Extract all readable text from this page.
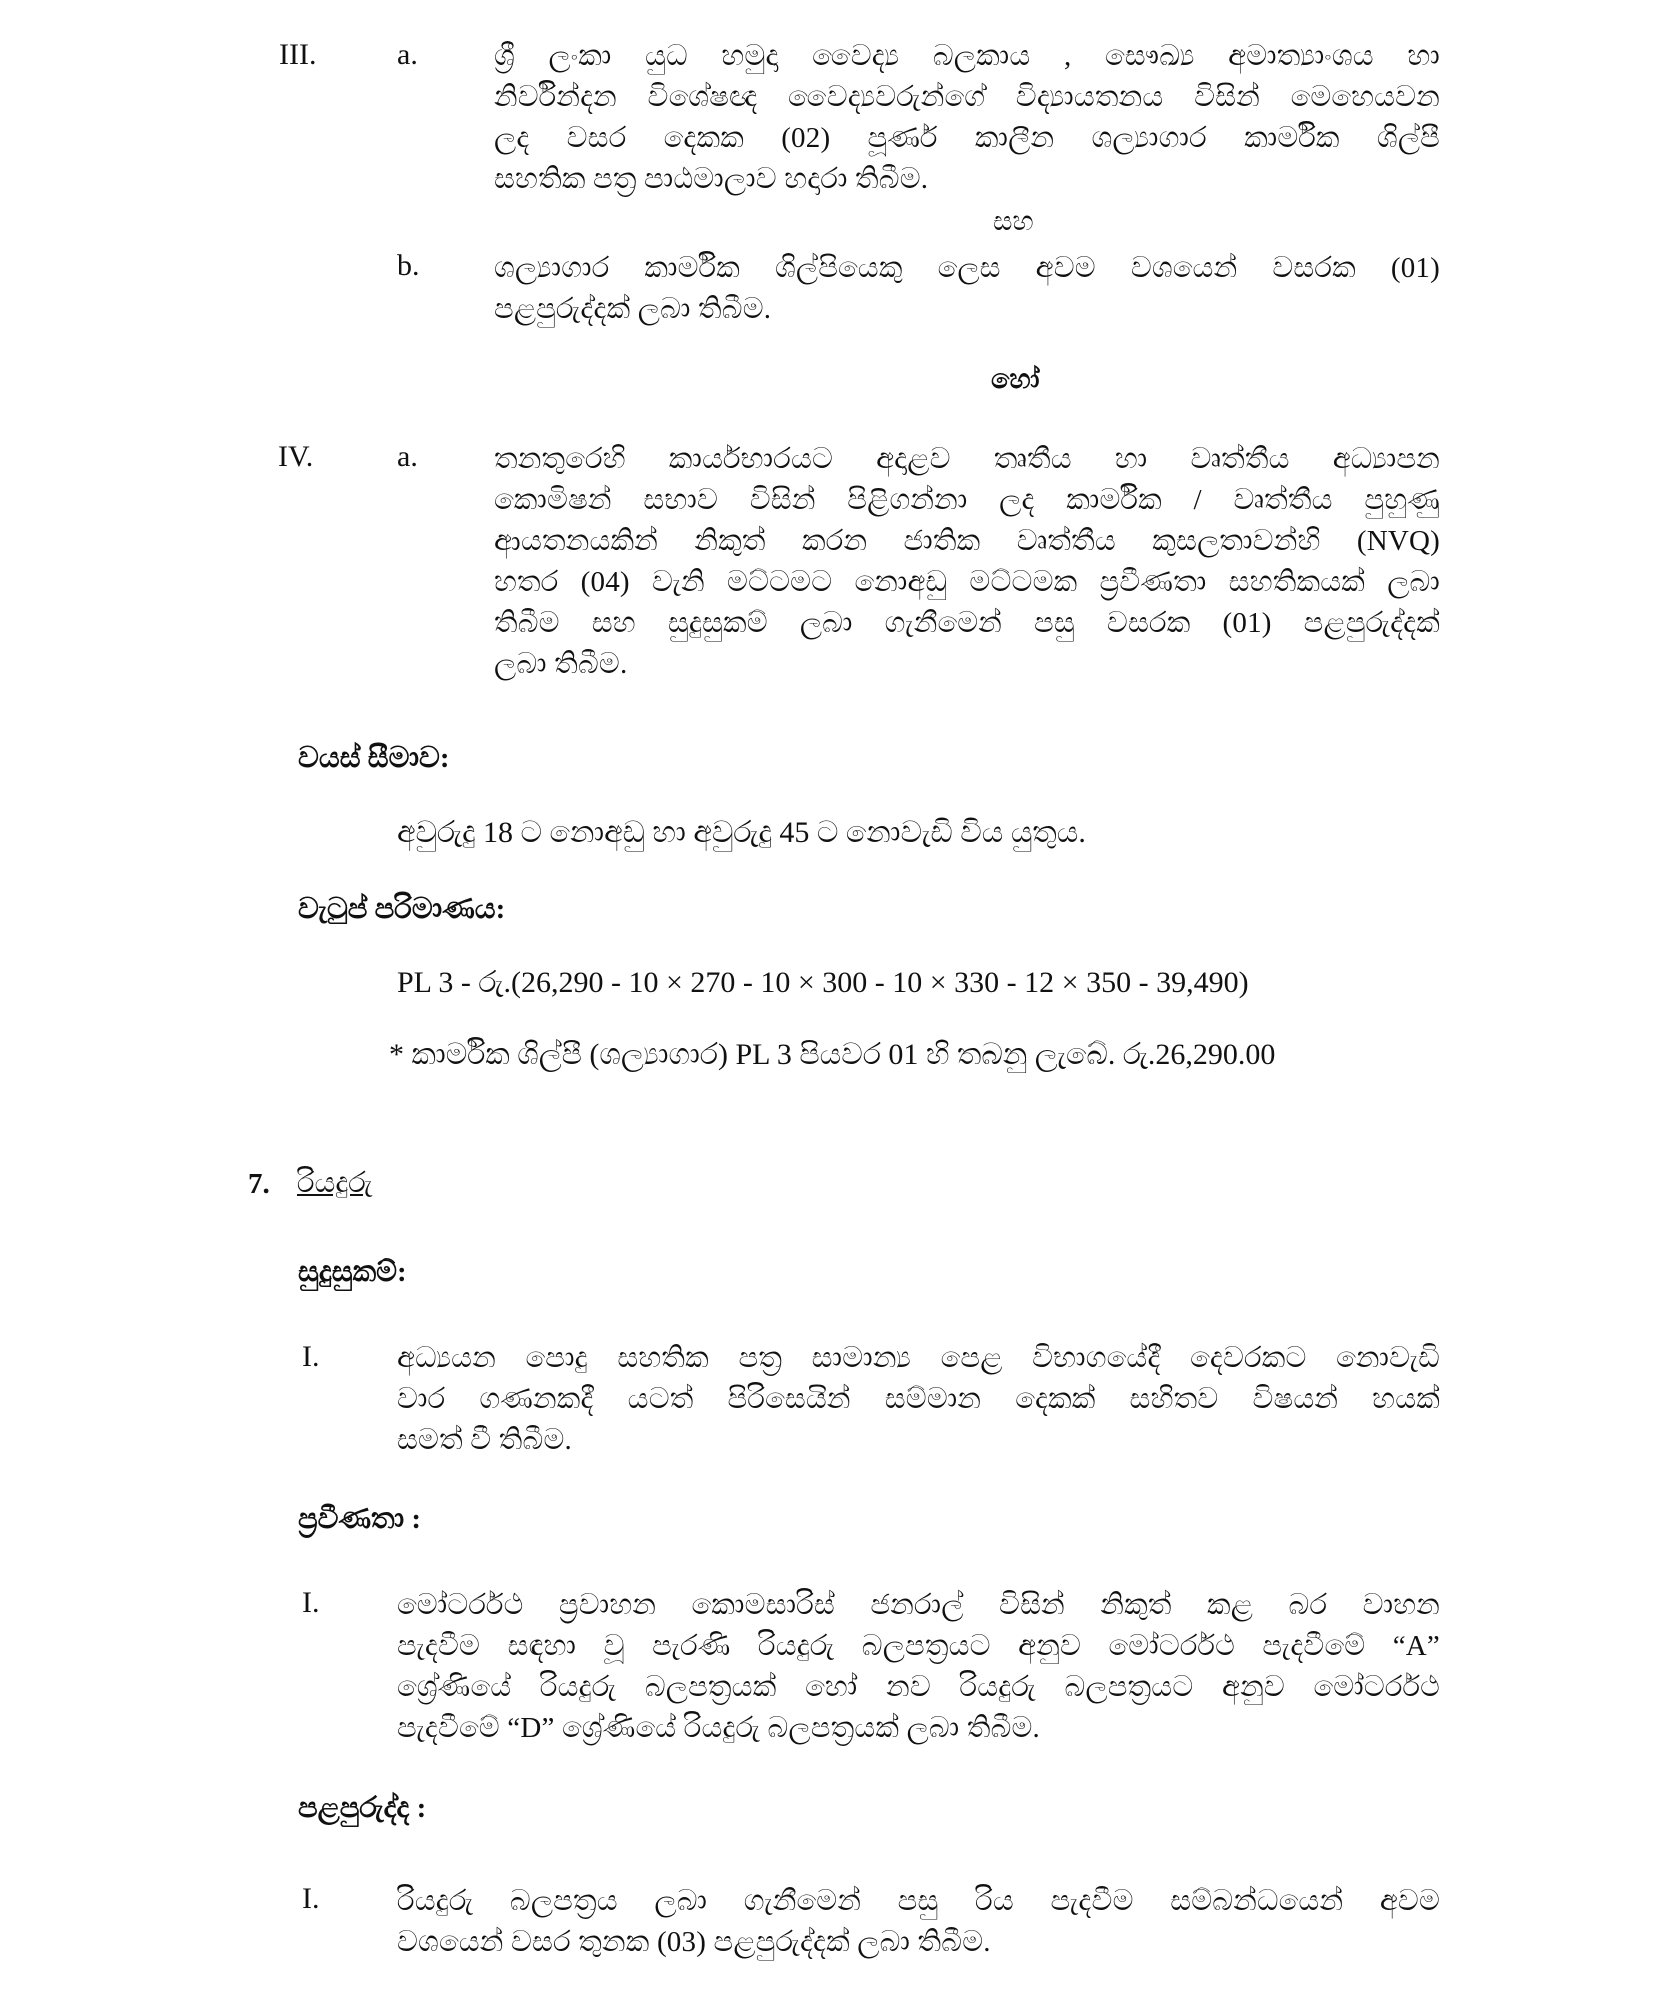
III.	a.	ශ්‍රී ලංකා යුධ හමුදා වෛද්‍ය බලකාය , සෞඛ්‍ය අමාත්‍යාංශය හා
නිර්වින්දන විශේෂඥ වෛද්‍යවරුන්ගේ විද්‍යායතනය විසින් මෙහෙයවන
ලද වසර දෙකක (02) පූර්ණ කාලීන ශල්‍යාගාර කාර්මික ශිල්පී
සහතික පත්‍ර පාඨමාලාව හදාරා තිබීම.
සහ
b.	ශල්‍යාගාර කාර්මික ශිල්පියෙකු ලෙස අවම වශයෙන් වසරක (01)
පළපුරුද්දක් ලබා තිබීම.
හෝ
IV.	a.	තනතුරෙහි කාර්යභාරයට අදාළව තෘතීය හා වෘත්තීය අධ්‍යාපන
කොමිෂන් සභාව විසින් පිළිගන්නා ලද කාර්මික / වෘත්තීය පුහුණු
ආයතනයකින් නිකුත් කරන ජාතික වෘත්තීය කුසලතාවන්හි (NVQ)
හතර (04) වැනි මට්ටමට නොඅඩු මට්ටමක ප්‍රවීණතා සහතිකයක් ලබා
තිබීම සහ සුදුසුකම් ලබා ගැනීමෙන් පසු වසරක (01) පළපුරුද්දක්
ලබා තිබීම.
වයස් සීමාව:
අවුරුදු 18 ට නොඅඩු හා අවුරුදු 45 ට නොවැඩි විය යුතුය.
වැටුප් පරිමාණය:
PL 3 - රු.(26,290 - 10 × 270 - 10 × 300 - 10 × 330 - 12 × 350 - 39,490)
* කාර්මික ශිල්පී (ශල්‍යාගාර) PL 3 පියවර 01 හි තබනු ලැබේ. රු.26,290.00
7. රියදුරු
සුදුසුකම්:
I.	අධ්‍යයන පොදු සහතික පත්‍ර සාමාන්‍ය පෙළ විභාගයේදී දෙවරකට නොවැඩි
වාර ගණනකදී යටත් පිරිසෙයින් සම්මාන දෙකක් සහිතව විෂයන් හයක්
සමත් වී තිබීම.
ප්‍රවීණතා :
I.	මෝටර්රථ ප්‍රවාහන කොමසාරිස් ජනරාල් විසින් නිකුත් කළ බර වාහන
පැදවීම සඳහා වූ පැරණි රියදුරු බලපත්‍රයට අනුව මෝටර්රථ පැදවීමේ “A”
ශ්‍රේණියේ රියදුරු බලපත්‍රයක් හෝ නව රියදුරු බලපත්‍රයට අනුව මෝටර්රථ
පැදවීමේ “D” ශ්‍රේණියේ රියදුරු බලපත්‍රයක් ලබා තිබීම.
පළපුරුද්ද :
I.	රියදුරු බලපත්‍රය ලබා ගැනීමෙන් පසු රිය පැදවීම සම්බන්ධයෙන් අවම
වශයෙන් වසර තුනක (03) පළපුරුද්දක් ලබා තිබීම.
